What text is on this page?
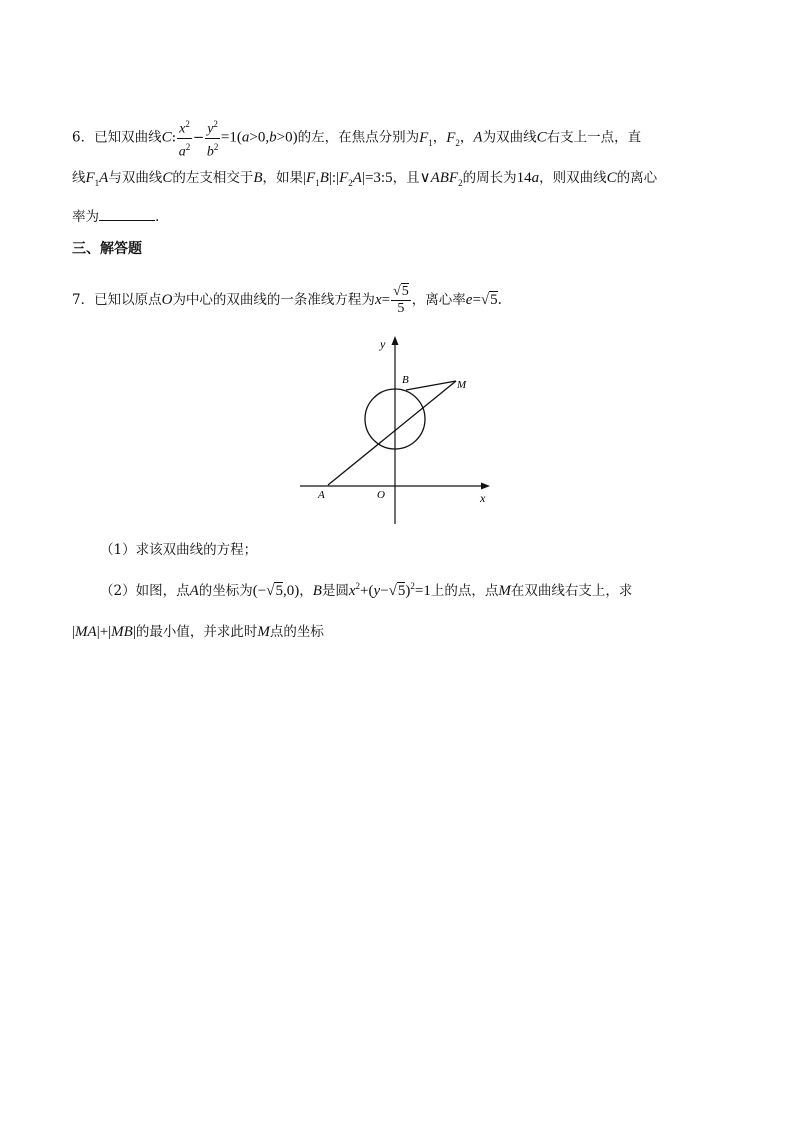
6．已知双曲线C: $\frac{x^2}{a^2} - \frac{y^2}{b^2} =1(a>0,b>0)$的左，在焦点分别为$F_1$，$F_2$，A为双曲线C右支上一点，直
线$F_1A$与双曲线C的左支相交于B，如果$|F_1B|:|F_2A|=3:5$，且$\vee ABF_2$的周长为14a，则双曲线C的离心
率为	.
三、解答题
7．已知以原点O为中心的双曲线的一条准线方程为$x= \frac{√5}{5}$ ，离心率e=√5.
y
x
O
A
B	M
（1）求该双曲线的方程；
（2）如图，点A的坐标为(−√5,0)，B是圆$x^2+(y-√5)^2=1$上的点，点M在双曲线右支上，求
|MA|+|MB|的最小值，并求此时M点的坐标
